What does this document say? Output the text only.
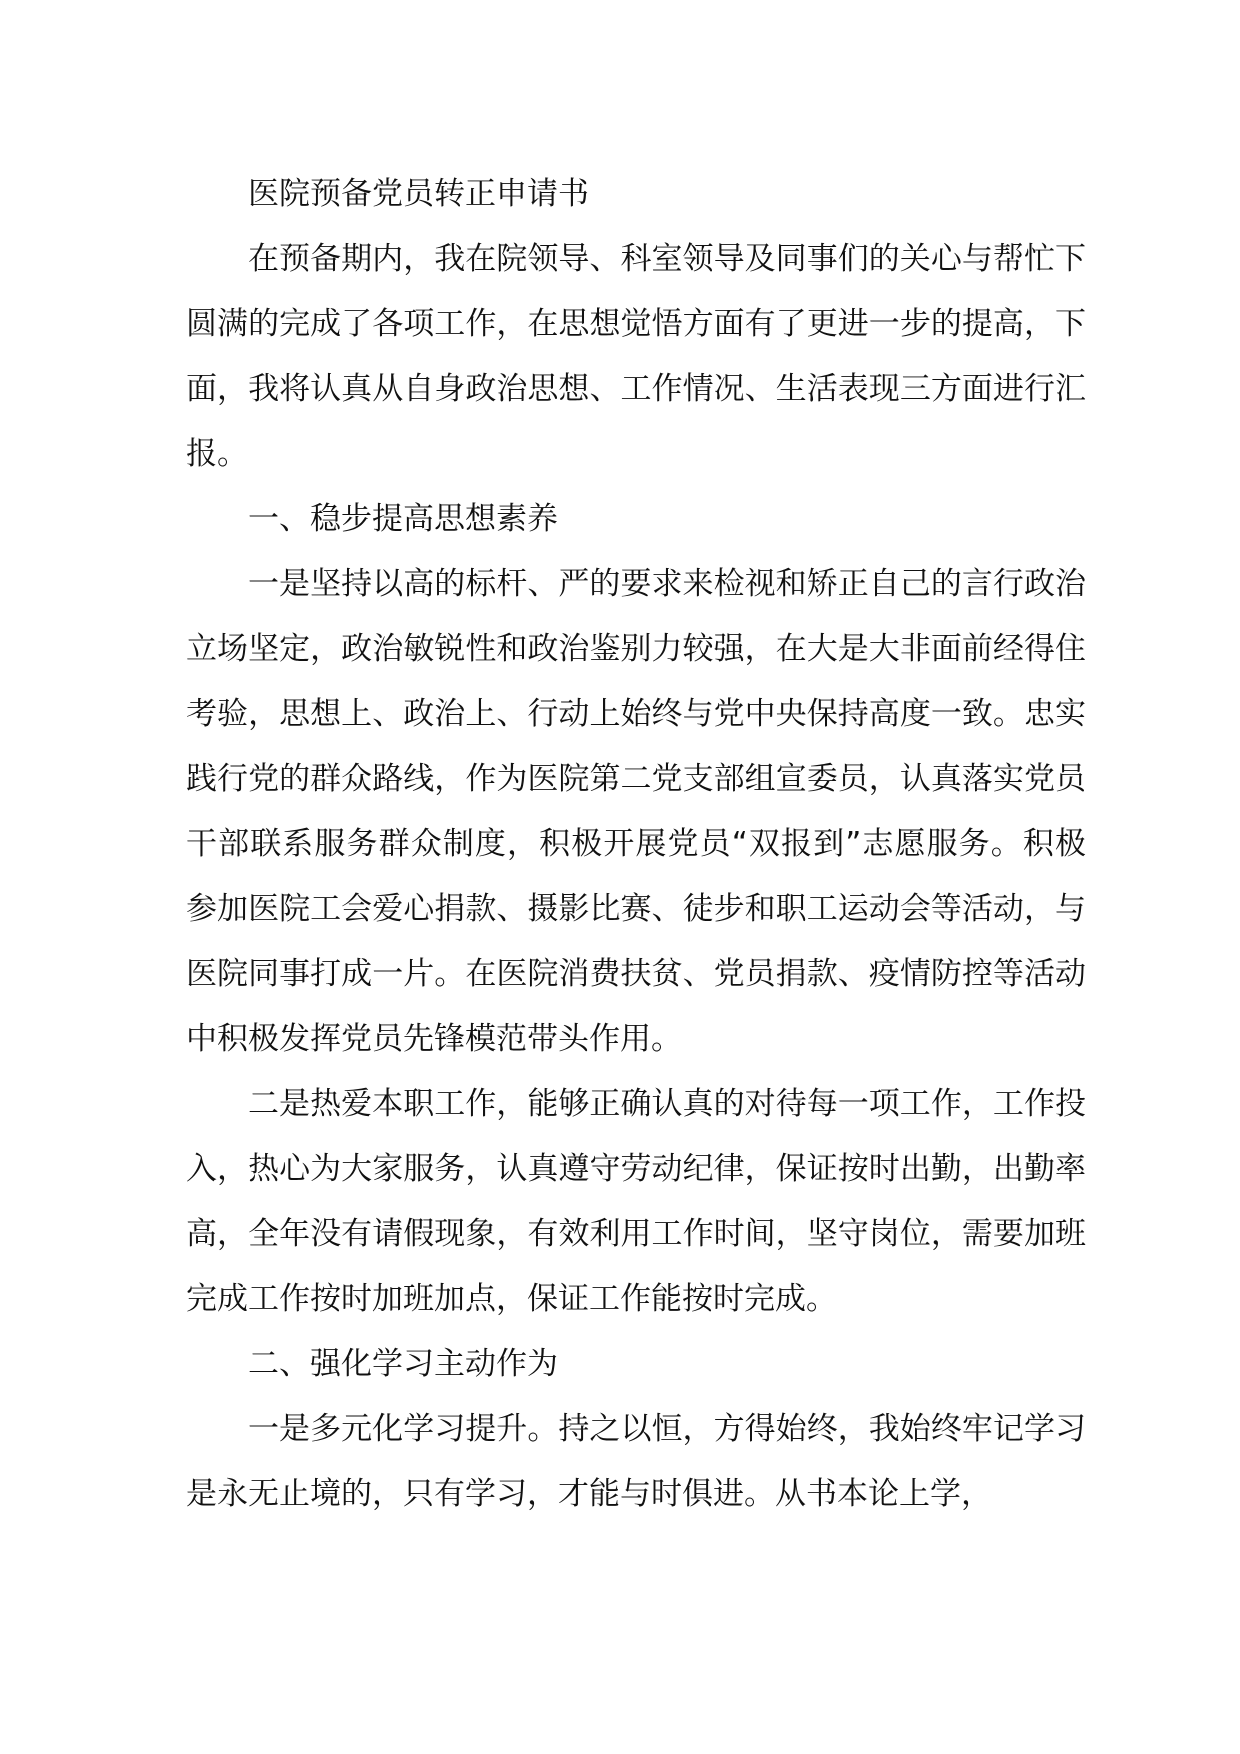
医院预备党员转正申请书

在预备期内，我在院领导、科室领导及同事们的关心与帮忙下圆满的完成了各项工作，在思想觉悟方面有了更进一步的提高，下面，我将认真从自身政治思想、工作情况、生活表现三方面进行汇报。

一、稳步提高思想素养

一是坚持以高的标杆、严的要求来检视和矫正自己的言行政治立场坚定，政治敏锐性和政治鉴别力较强，在大是大非面前经得住考验，思想上、政治上、行动上始终与党中央保持高度一致。忠实践行党的群众路线，作为医院第二党支部组宣委员，认真落实党员干部联系服务群众制度，积极开展党员“双报到”志愿服务。积极参加医院工会爱心捐款、摄影比赛、徒步和职工运动会等活动，与医院同事打成一片。在医院消费扶贫、党员捐款、疫情防控等活动中积极发挥党员先锋模范带头作用。

二是热爱本职工作，能够正确认真的对待每一项工作，工作投入，热心为大家服务，认真遵守劳动纪律，保证按时出勤，出勤率高，全年没有请假现象，有效利用工作时间，坚守岗位，需要加班完成工作按时加班加点，保证工作能按时完成。

二、强化学习主动作为

一是多元化学习提升。持之以恒，方得始终，我始终牢记学习是永无止境的，只有学习，才能与时俱进。从书本论上学，
